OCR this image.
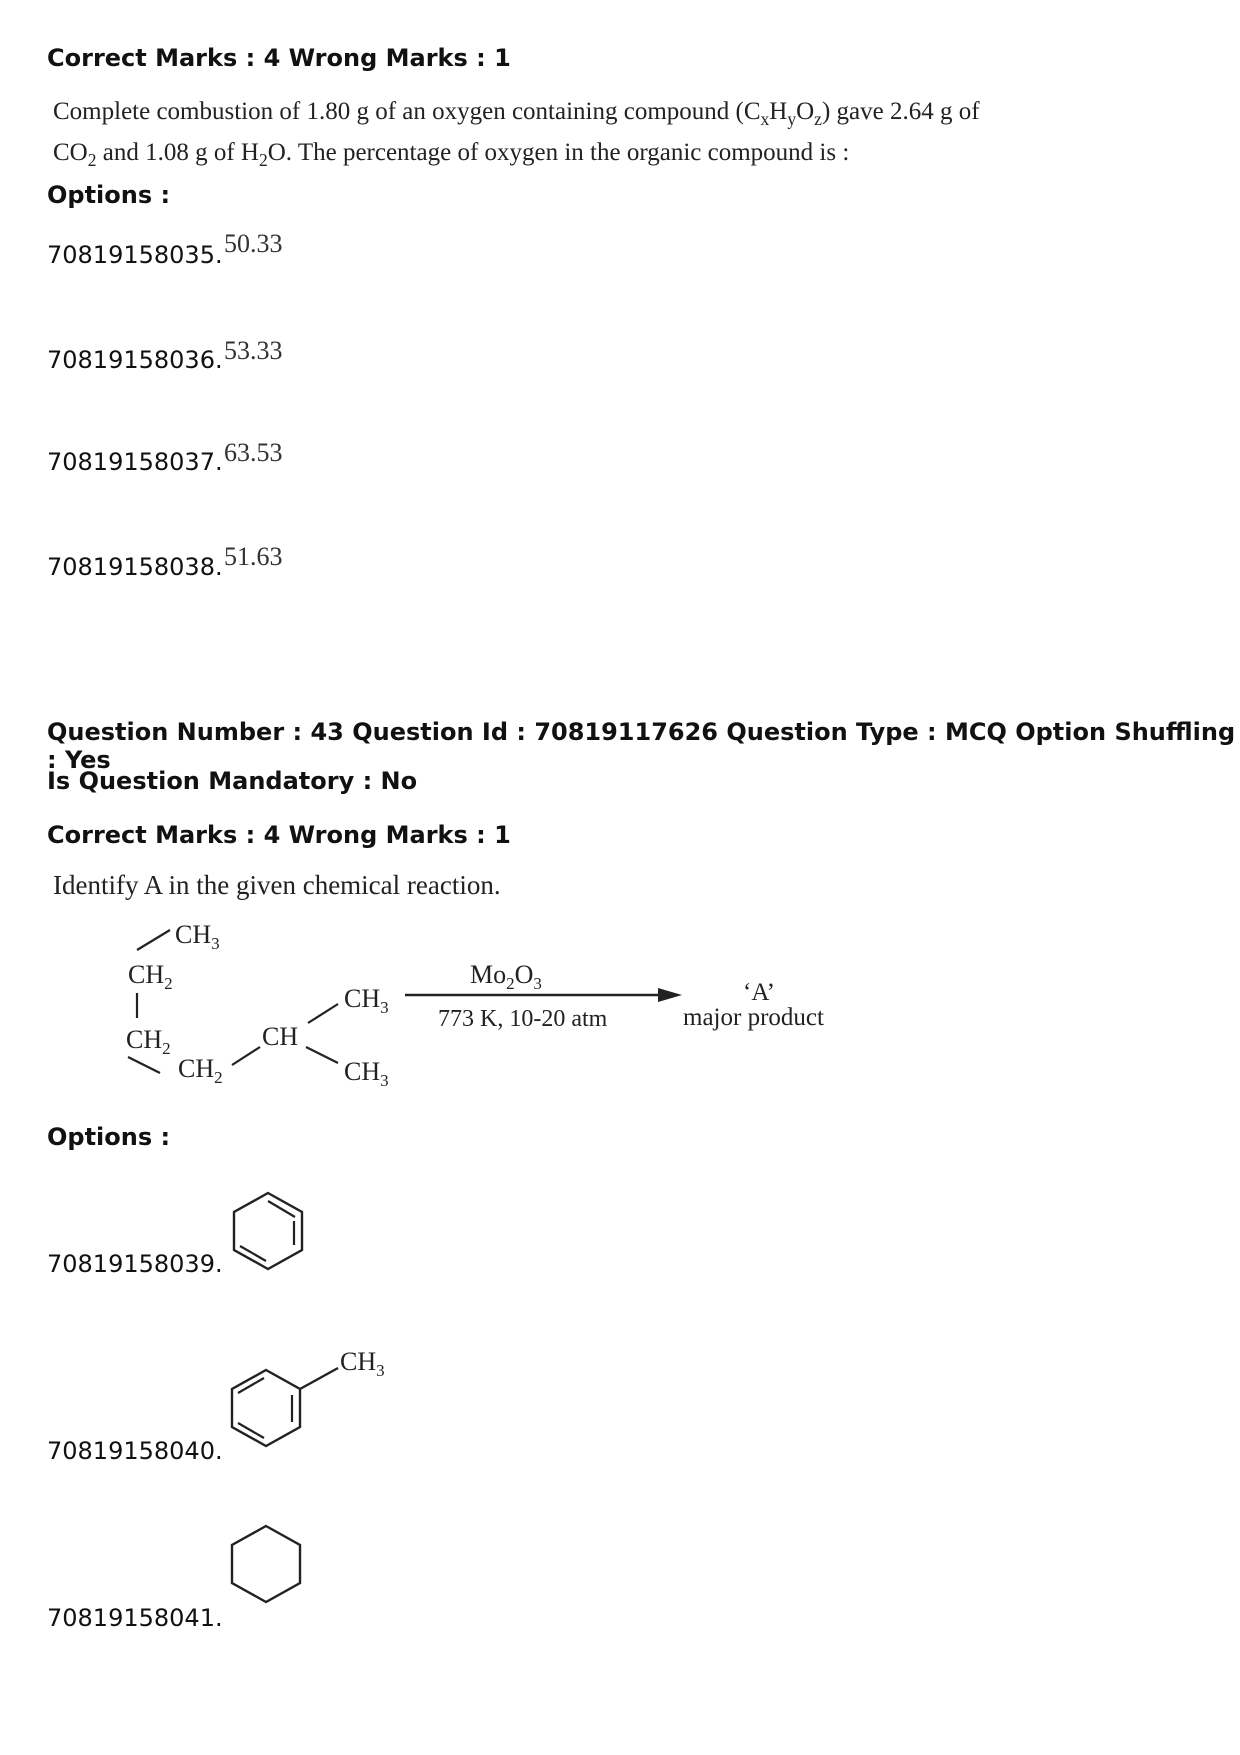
Correct Marks : 4 Wrong Marks : 1
Complete combustion of 1.80 g of an oxygen containing compound $(C_xH_yO_z)$ gave 2.64 g of
$CO_2$ and 1.08 g of $H_2O$. The percentage of oxygen in the organic compound is :
Options :
70819158035. 50.33
70819158036. 53.33
70819158037. 63.53
70819158038. 51.63
Question Number : 43 Question Id : 70819117626 Question Type : MCQ Option Shuffling : Yes
Is Question Mandatory : No
Correct Marks : 4 Wrong Marks : 1
Identify A in the given chemical reaction.
$CH_3$
$CH_2$
$CH_2$
$CH_2$
CH
$CH_3$
$CH_3$
$Mo_2O_3$
773 K, 10-20 atm
‘A’
major product
Options :
70819158039.
70819158040.
$CH_3$
70819158041.
